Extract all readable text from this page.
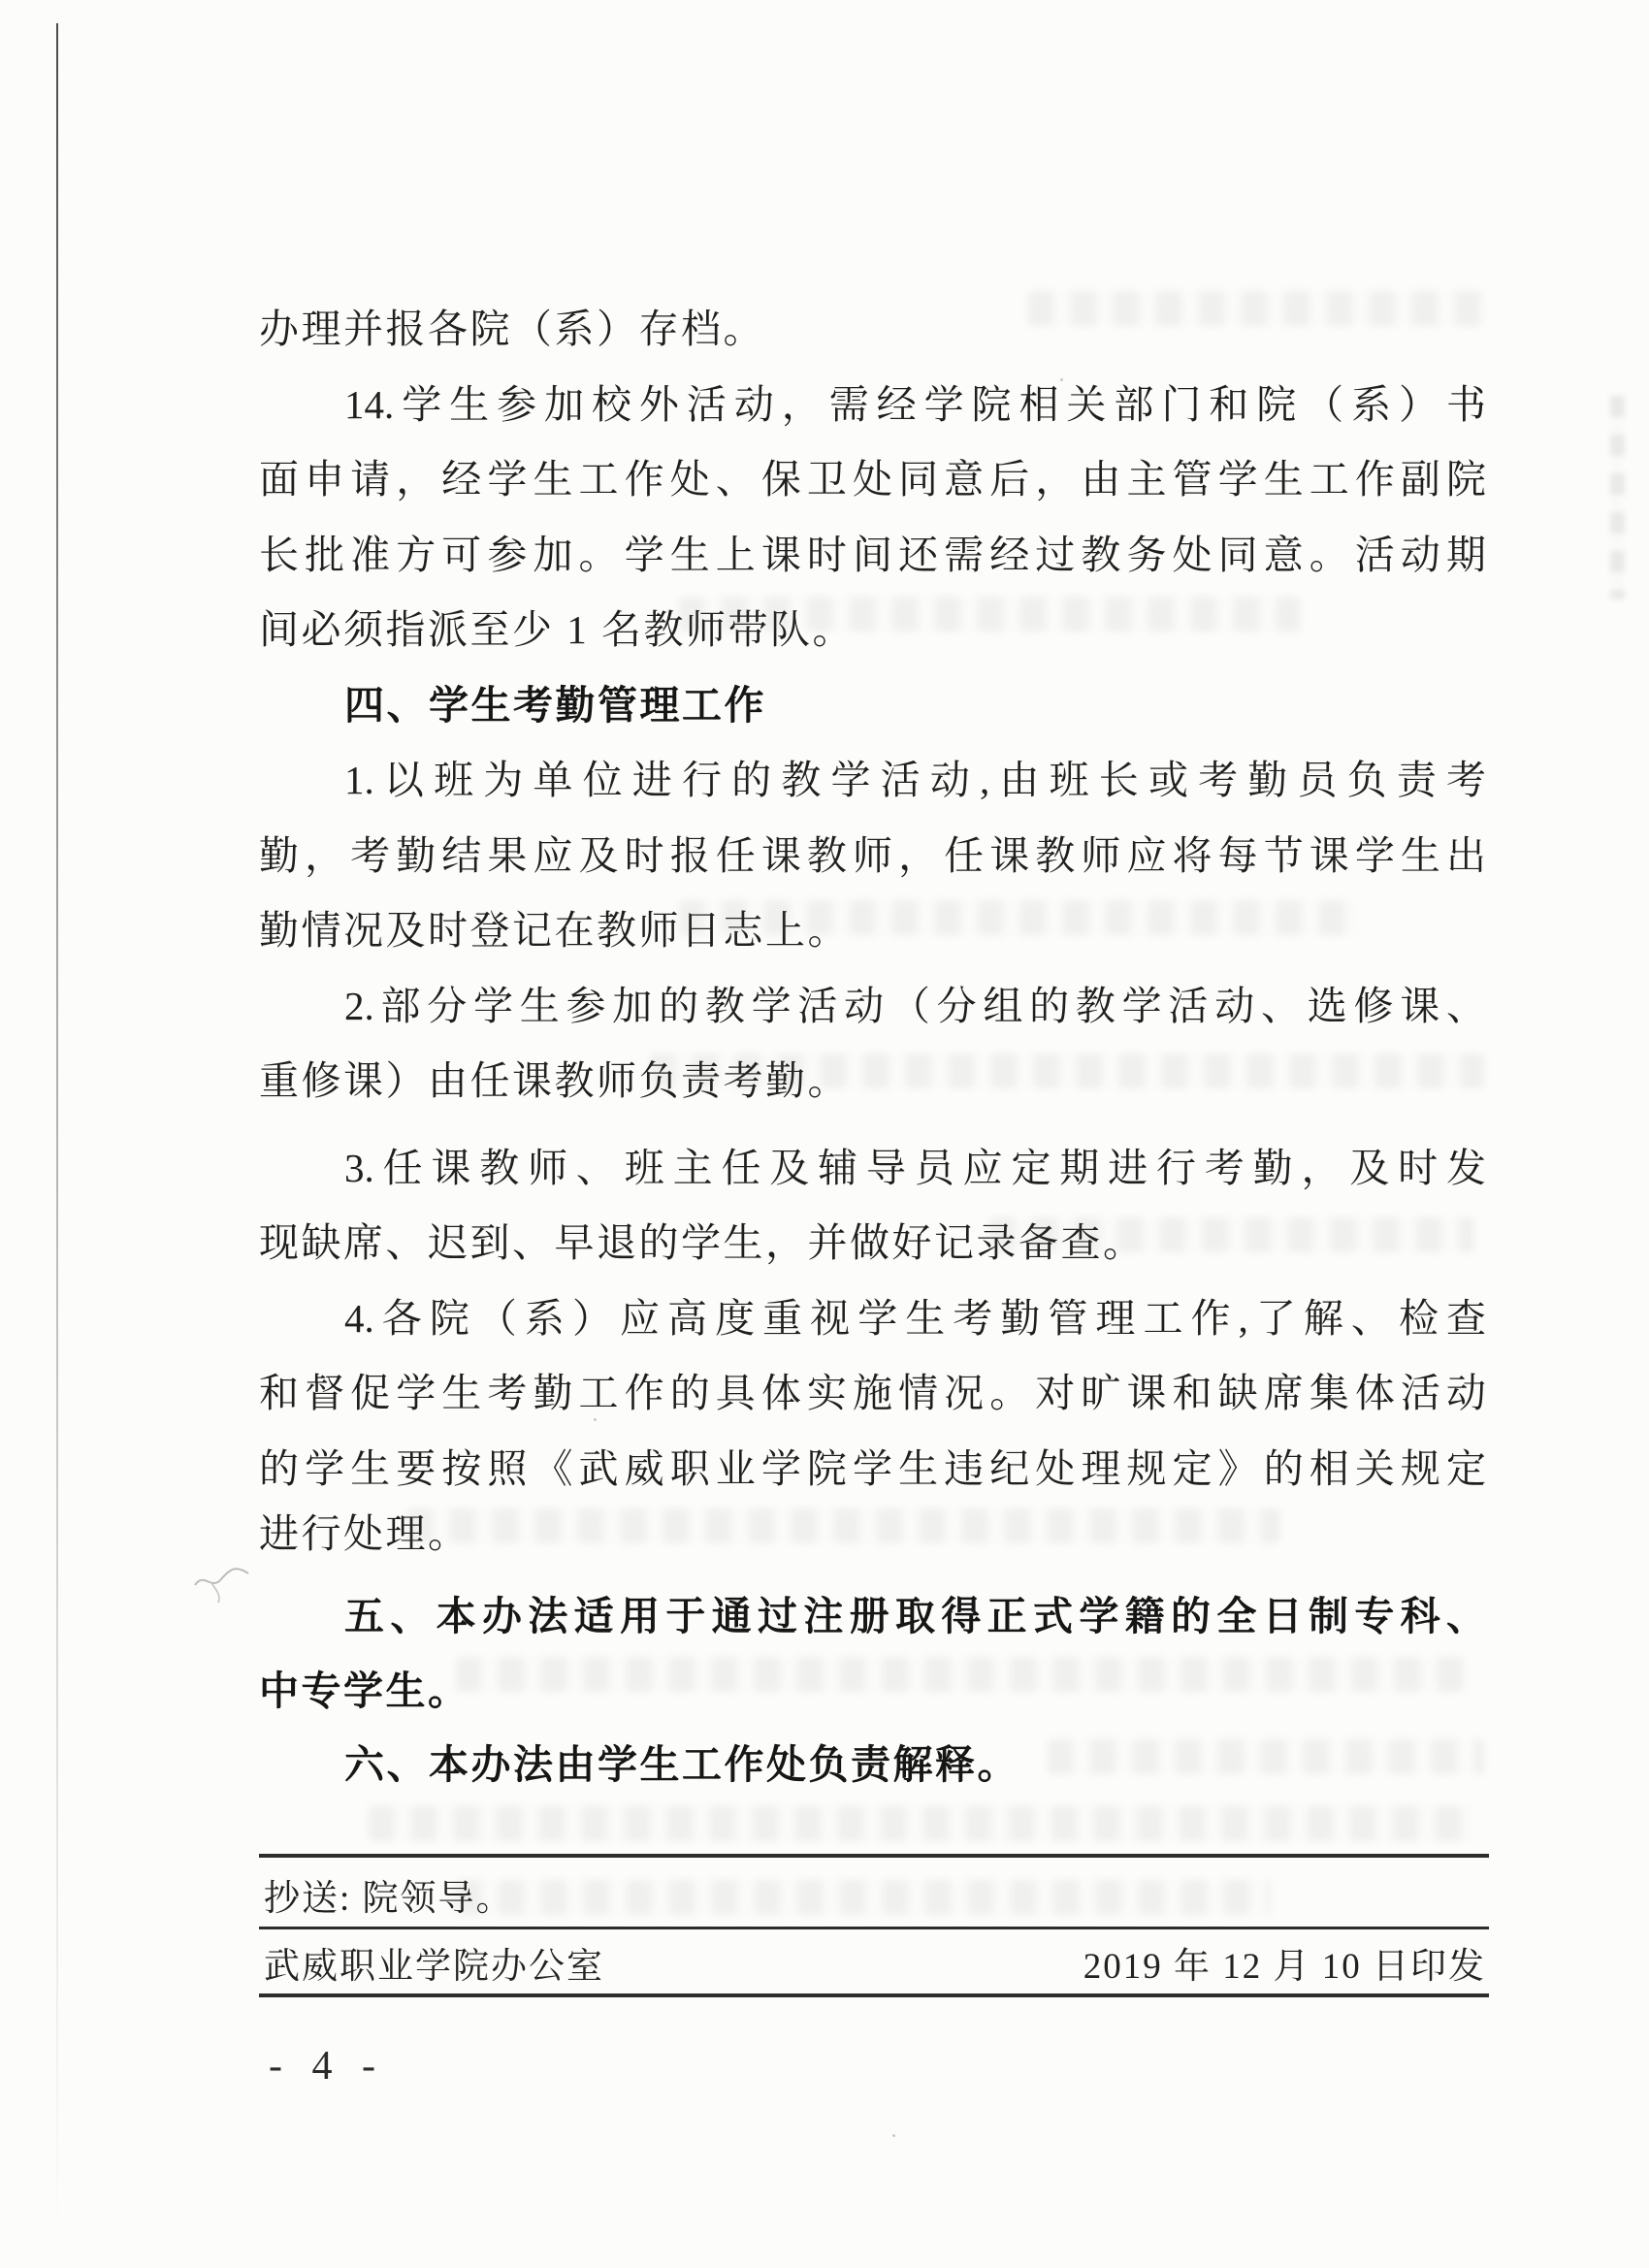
办理并报各院（系）存档。
14.学生参加校外活动，需经学院相关部门和院（系）书
面申请，经学生工作处、保卫处同意后，由主管学生工作副院
长批准方可参加。学生上课时间还需经过教务处同意。活动期
间必须指派至少 1 名教师带队。
四、学生考勤管理工作
1.以班为单位进行的教学活动,由班长或考勤员负责考
勤，考勤结果应及时报任课教师，任课教师应将每节课学生出
勤情况及时登记在教师日志上。
2.部分学生参加的教学活动（分组的教学活动、选修课、
重修课）由任课教师负责考勤。
3.任课教师、班主任及辅导员应定期进行考勤，及时发
现缺席、迟到、早退的学生，并做好记录备查。
4.各院（系）应高度重视学生考勤管理工作,了解、检查
和督促学生考勤工作的具体实施情况。对旷课和缺席集体活动
的学生要按照《武威职业学院学生违纪处理规定》的相关规定
进行处理。
五、本办法适用于通过注册取得正式学籍的全日制专科、
中专学生。
六、本办法由学生工作处负责解释。
抄送: 院领导。
武威职业学院办公室	2019 年 12 月 10 日印发
- 4 -
